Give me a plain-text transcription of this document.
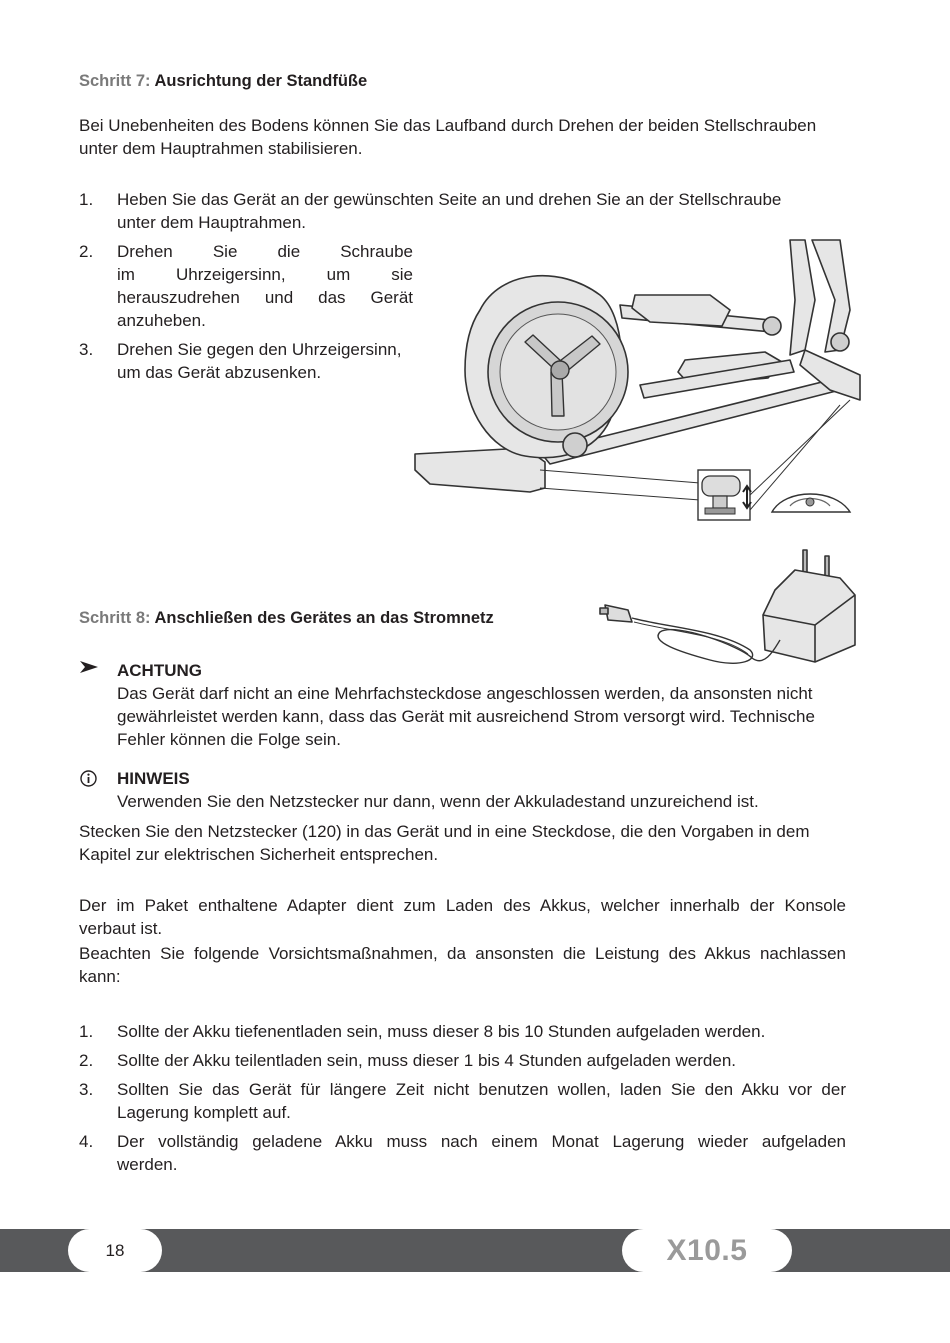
Schritt 7: Ausrichtung der Standfüße
Bei Unebenheiten des Bodens können Sie das Laufband durch Drehen der beiden Stellschrauben
unter dem Hauptrahmen stabilisieren.
1. Heben Sie das Gerät an der gewünschten Seite an und drehen Sie an der Stellschraube
unter dem Hauptrahmen.
2. Drehen Sie die Schraube
im Uhrzeigersinn, um sie
herauszudrehen und das Gerät
anzuheben.
3. Drehen Sie gegen den Uhrzeigersinn,
um das Gerät abzusenken.
Schritt 8: Anschließen des Gerätes an das Stromnetz
ACHTUNG
Das Gerät darf nicht an eine Mehrfachsteckdose angeschlossen werden, da ansonsten nicht
gewährleistet werden kann, dass das Gerät mit ausreichend Strom versorgt wird. Technische
Fehler können die Folge sein.
HINWEIS
Verwenden Sie den Netzstecker nur dann, wenn der Akkuladestand unzureichend ist.
Stecken Sie den Netzstecker (120) in das Gerät und in eine Steckdose, die den Vorgaben in dem
Kapitel zur elektrischen Sicherheit entsprechen.
Der im Paket enthaltene Adapter dient zum Laden des Akkus, welcher innerhalb der Konsole
verbaut ist.
Beachten Sie folgende Vorsichtsmaßnahmen, da ansonsten die Leistung des Akkus nachlassen
kann:
1. Sollte der Akku tiefenentladen sein, muss dieser 8 bis 10 Stunden aufgeladen werden.
2. Sollte der Akku teilentladen sein, muss dieser 1 bis 4 Stunden aufgeladen werden.
3. Sollten Sie das Gerät für längere Zeit nicht benutzen wollen, laden Sie den Akku vor der
Lagerung komplett auf.
4. Der vollständig geladene Akku muss nach einem Monat Lagerung wieder aufgeladen
werden.
18	X10.5
